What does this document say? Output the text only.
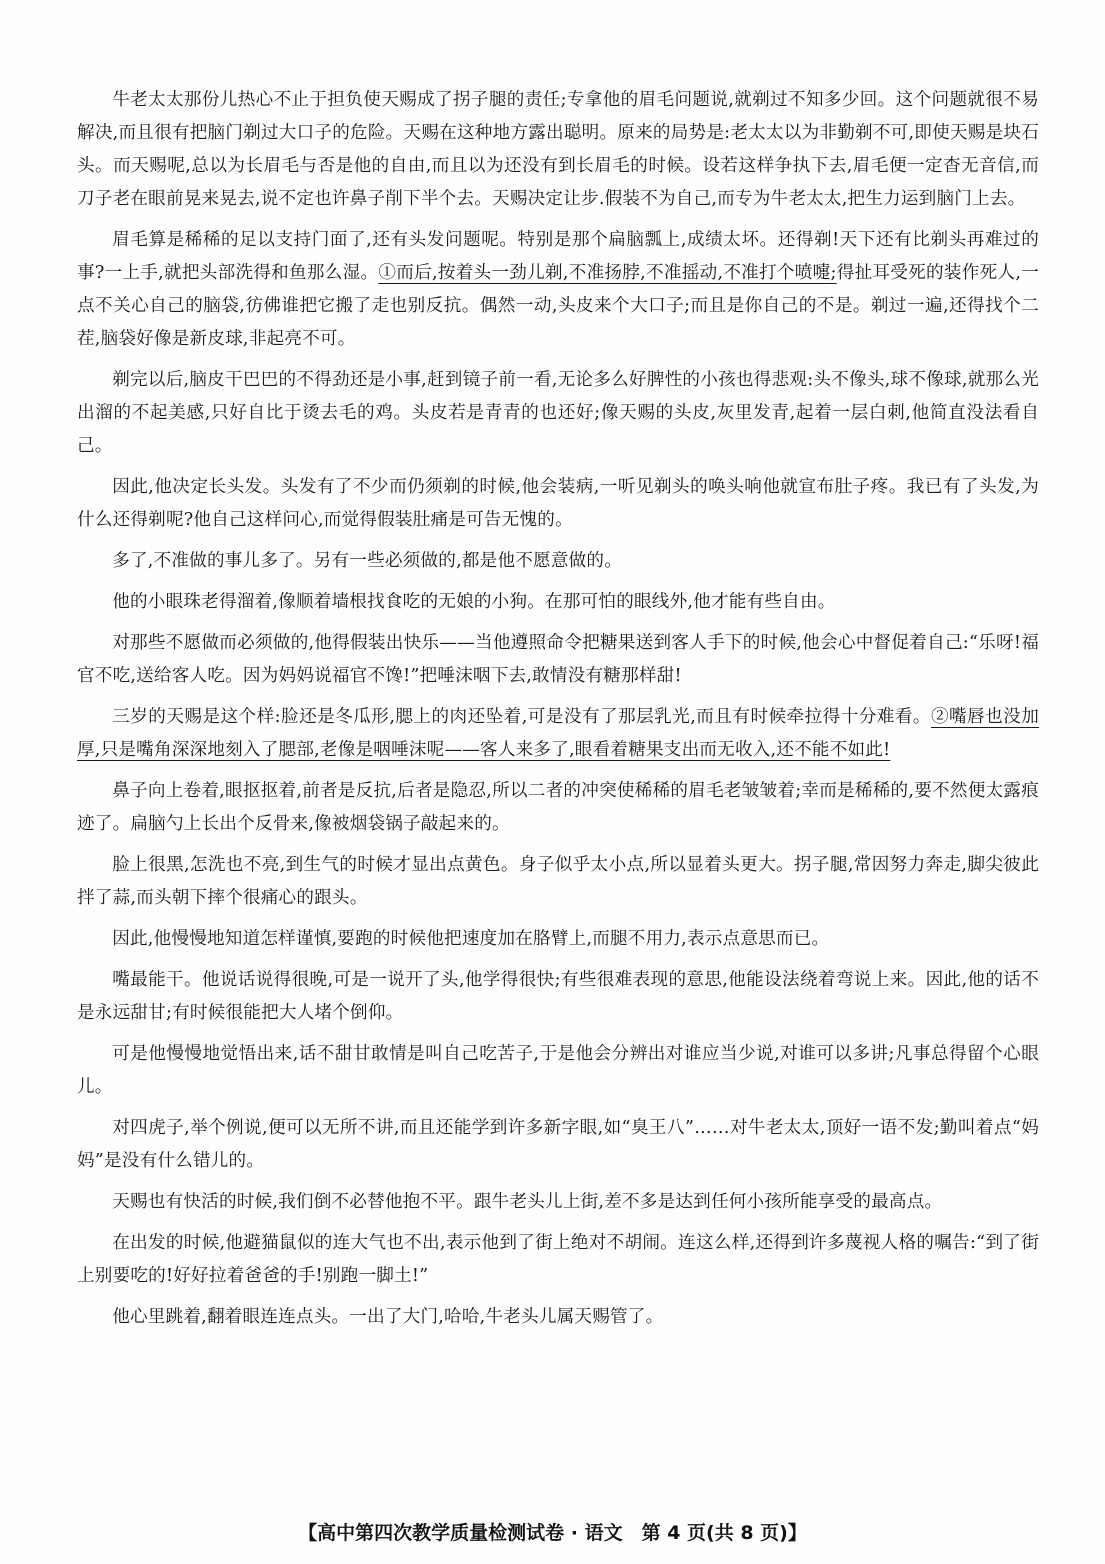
牛老太太那份儿热心不止于担负使天赐成了拐子腿的责任;专拿他的眉毛问题说,就剃过不知多少回。这个问题就很不易解决,而且很有把脑门剃过大口子的危险。天赐在这种地方露出聪明。原来的局势是:老太太以为非勤剃不可,即使天赐是块石头。而天赐呢,总以为长眉毛与否是他的自由,而且以为还没有到长眉毛的时候。设若这样争执下去,眉毛便一定杳无音信,而刀子老在眼前晃来晃去,说不定也许鼻子削下半个去。天赐决定让步.假装不为自己,而专为牛老太太,把生力运到脑门上去。

眉毛算是稀稀的足以支持门面了,还有头发问题呢。特别是那个扁脑瓢上,成绩太坏。还得剃!天下还有比剃头再难过的事?一上手,就把头部洗得和鱼那么湿。①而后,按着头一劲儿剃,不准扬脖,不准摇动,不准打个喷嚏;得扯耳受死的装作死人,一点不关心自己的脑袋,彷佛谁把它搬了走也别反抗。偶然一动,头皮来个大口子;而且是你自己的不是。剃过一遍,还得找个二茬,脑袋好像是新皮球,非起亮不可。

剃完以后,脑皮干巴巴的不得劲还是小事,赶到镜子前一看,无论多么好脾性的小孩也得悲观:头不像头,球不像球,就那么光出溜的不起美感,只好自比于烫去毛的鸡。头皮若是青青的也还好;像天赐的头皮,灰里发青,起着一层白刺,他简直没法看自己。

因此,他决定长头发。头发有了不少而仍须剃的时候,他会装病,一听见剃头的唤头响他就宣布肚子疼。我已有了头发,为什么还得剃呢?他自己这样问心,而觉得假装肚痛是可告无愧的。

多了,不准做的事儿多了。另有一些必须做的,都是他不愿意做的。

他的小眼珠老得溜着,像顺着墙根找食吃的无娘的小狗。在那可怕的眼线外,他才能有些自由。

对那些不愿做而必须做的,他得假装出快乐——当他遵照命令把糖果送到客人手下的时候,他会心中督促着自己:“乐呀!福官不吃,送给客人吃。因为妈妈说福官不馋!”把唾沫咽下去,敢情没有糖那样甜!

三岁的天赐是这个样:脸还是冬瓜形,腮上的肉还坠着,可是没有了那层乳光,而且有时候牵拉得十分难看。②嘴唇也没加厚,只是嘴角深深地刻入了腮部,老像是咽唾沫呢——客人来多了,眼看着糖果支出而无收入,还不能不如此!

鼻子向上卷着,眼抠抠着,前者是反抗,后者是隐忍,所以二者的冲突使稀稀的眉毛老皱皱着;幸而是稀稀的,要不然便太露痕迹了。扁脑勺上长出个反骨来,像被烟袋锅子敲起来的。

脸上很黑,怎洗也不亮,到生气的时候才显出点黄色。身子似乎太小点,所以显着头更大。拐子腿,常因努力奔走,脚尖彼此拌了蒜,而头朝下摔个很痛心的跟头。

因此,他慢慢地知道怎样谨慎,要跑的时候他把速度加在胳臂上,而腿不用力,表示点意思而已。

嘴最能干。他说话说得很晚,可是一说开了头,他学得很快;有些很难表现的意思,他能设法绕着弯说上来。因此,他的话不是永远甜甘;有时候很能把大人堵个倒仰。

可是他慢慢地觉悟出来,话不甜甘敢情是叫自己吃苦子,于是他会分辨出对谁应当少说,对谁可以多讲;凡事总得留个心眼儿。

对四虎子,举个例说,便可以无所不讲,而且还能学到许多新字眼,如“臭王八”……对牛老太太,顶好一语不发;勤叫着点“妈妈”是没有什么错儿的。

天赐也有快活的时候,我们倒不必替他抱不平。跟牛老头儿上街,差不多是达到任何小孩所能享受的最高点。

在出发的时候,他避猫鼠似的连大气也不出,表示他到了街上绝对不胡闹。连这么样,还得到许多蔑视人格的嘱告:“到了街上别要吃的!好好拉着爸爸的手!别跑一脚土!”

他心里跳着,翻着眼连连点头。一出了大门,哈哈,牛老头儿属天赐管了。

【高中第四次教学质量检测试卷 · 语文　第 4 页(共 8 页)】
